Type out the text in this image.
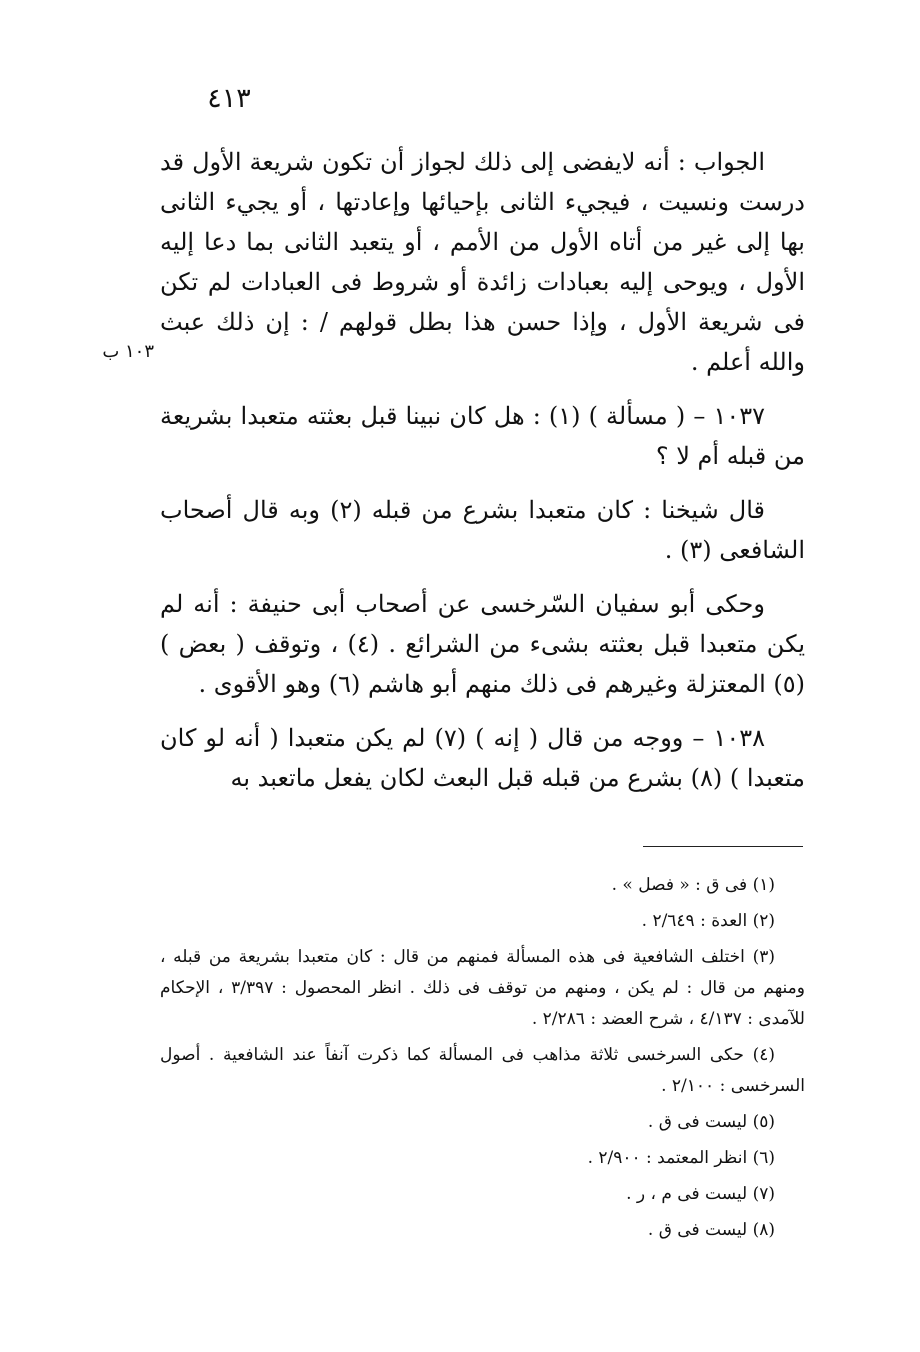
٤١٣
١٠٣ ب

الجواب : أنه لايفضى إلى ذلك لجواز أن تكون شريعة الأول قد درست ونسيت ، فيجيء الثانى بإحيائها وإعادتها ، أو يجيء الثانى بها إلى غير من أتاه الأول من الأمم ، أو يتعبد الثانى بما دعا إليه الأول ، ويوحى إليه بعبادات زائدة أو شروط فى العبادات لم تكن فى شريعة الأول ، وإذا حسن هذا بطل قولهم / : إن ذلك عبث والله أعلم .

١٠٣٧ – ( مسألة ) (١) : هل كان نبينا قبل بعثته متعبدا بشريعة من قبله أم لا ؟

قال شيخنا : كان متعبدا بشرع من قبله (٢) وبه قال أصحاب الشافعى (٣) .

وحكى أبو سفيان السّرخسى عن أصحاب أبى حنيفة : أنه لم يكن متعبدا قبل بعثته بشىء من الشرائع . (٤) ، وتوقف ( بعض ) (٥) المعتزلة وغيرهم فى ذلك منهم أبو هاشم (٦) وهو الأقوى .

١٠٣٨ – ووجه من قال ( إنه ) (٧) لم يكن متعبدا ( أنه لو كان متعبدا ) (٨) بشرع من قبله قبل البعث لكان يفعل ماتعبد به

(١) فى ق : « فصل » .
(٢) العدة : ٢/٦٤٩ .
(٣) اختلف الشافعية فى هذه المسألة فمنهم من قال : كان متعبدا بشريعة من قبله ، ومنهم من قال : لم يكن ، ومنهم من توقف فى ذلك . انظر المحصول : ٣/٣٩٧ ، الإحكام للآمدى : ٤/١٣٧ ، شرح العضد : ٢/٢٨٦ .
(٤) حكى السرخسى ثلاثة مذاهب فى المسألة كما ذكرت آنفاً عند الشافعية . أصول السرخسى : ٢/١٠٠ .
(٥) ليست فى ق .
(٦) انظر المعتمد : ٢/٩٠٠ .
(٧) ليست فى م ، ر .
(٨) ليست فى ق .
